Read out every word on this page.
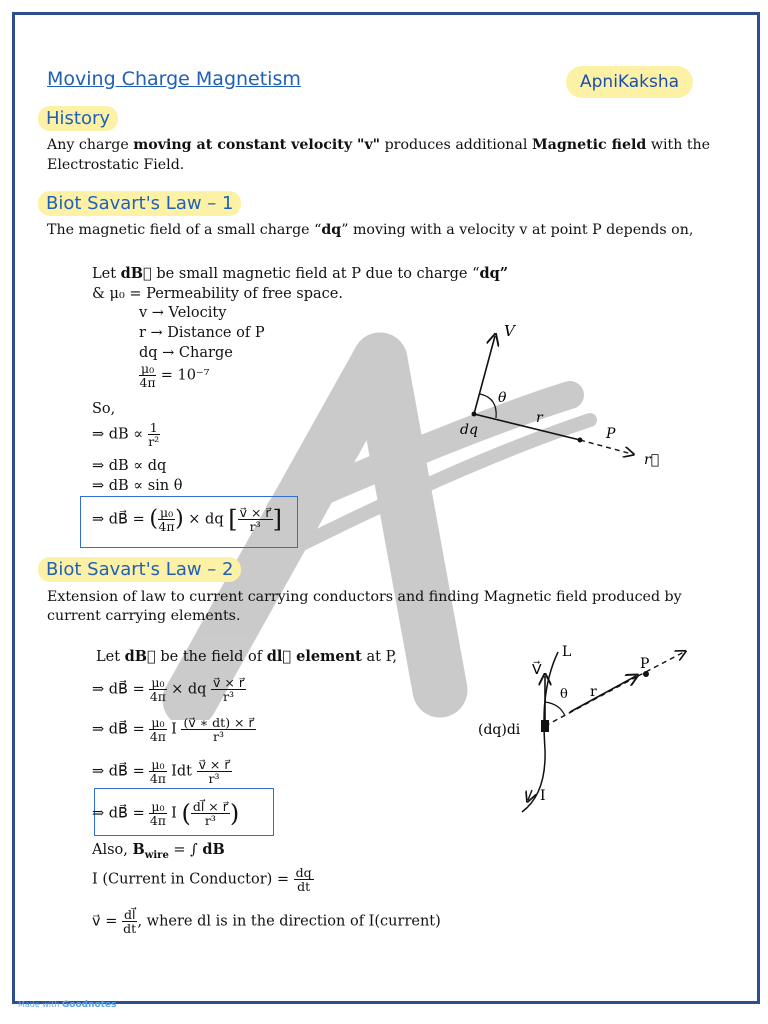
Moving Charge Magnetism	ApniKaksha
History
Any charge moving at constant velocity "v" produces additional Magnetic field with the
Electrostatic Field.
Biot Savart's Law – 1
The magnetic field of a small charge “dq” moving with a velocity v at point P depends on,
Let dB⃗ be small magnetic field at P due to charge “dq”
& μ₀ = Permeability of free space.
v → Velocity
r → Distance of P
dq → Charge
$\frac{\text{μ₀}}{4\pi} = 10^{-7}$
So,
⇒ dB ∝ $\frac{1}{\text{r²}}$
⇒ dB ∝ dq
⇒ dB ∝ sin θ
⇒ dB⃗ = ( $\frac{\text{μ₀}}{4\pi}$ ) × dq [ $\frac{v⃗ \times r⃗}{\text{r³}}$ ]
V
θ
r
dq	P
r⃗
Biot Savart's Law – 2
Extension of law to current carrying conductors and finding Magnetic field produced by
current carrying elements.
Let dB⃗ be the field of dl⃗ element at P,
⇒ dB⃗ = $\frac{\text{μ₀}}{4\pi}$ × dq $\frac{v⃗ \times r⃗}{\text{r³}}$
⇒ dB⃗ = $\frac{\text{μ₀}}{4\pi}$ I $\frac{(v⃗ ∗ dt) \times r⃗}{\text{r³}}$
⇒ dB⃗ = $\frac{\text{μ₀}}{4\pi}$ Idt $\frac{v⃗ \times r⃗}{\text{r³}}$
⇒ dB⃗ = $\frac{\text{μ₀}}{4\pi}$ I ( $\frac{dl⃗ \times r⃗}{\text{r³}}$ )
Also, $B_{wire}$ = ∫ dB
I (Current in Conductor) = $\frac{dq}{dt}$
v⃗ = $\frac{dl⃗}{dt}$ , where dl is in the direction of I(current)
V⃗
L
P
θ r
(dq)di
I
Made with Goodnotes
